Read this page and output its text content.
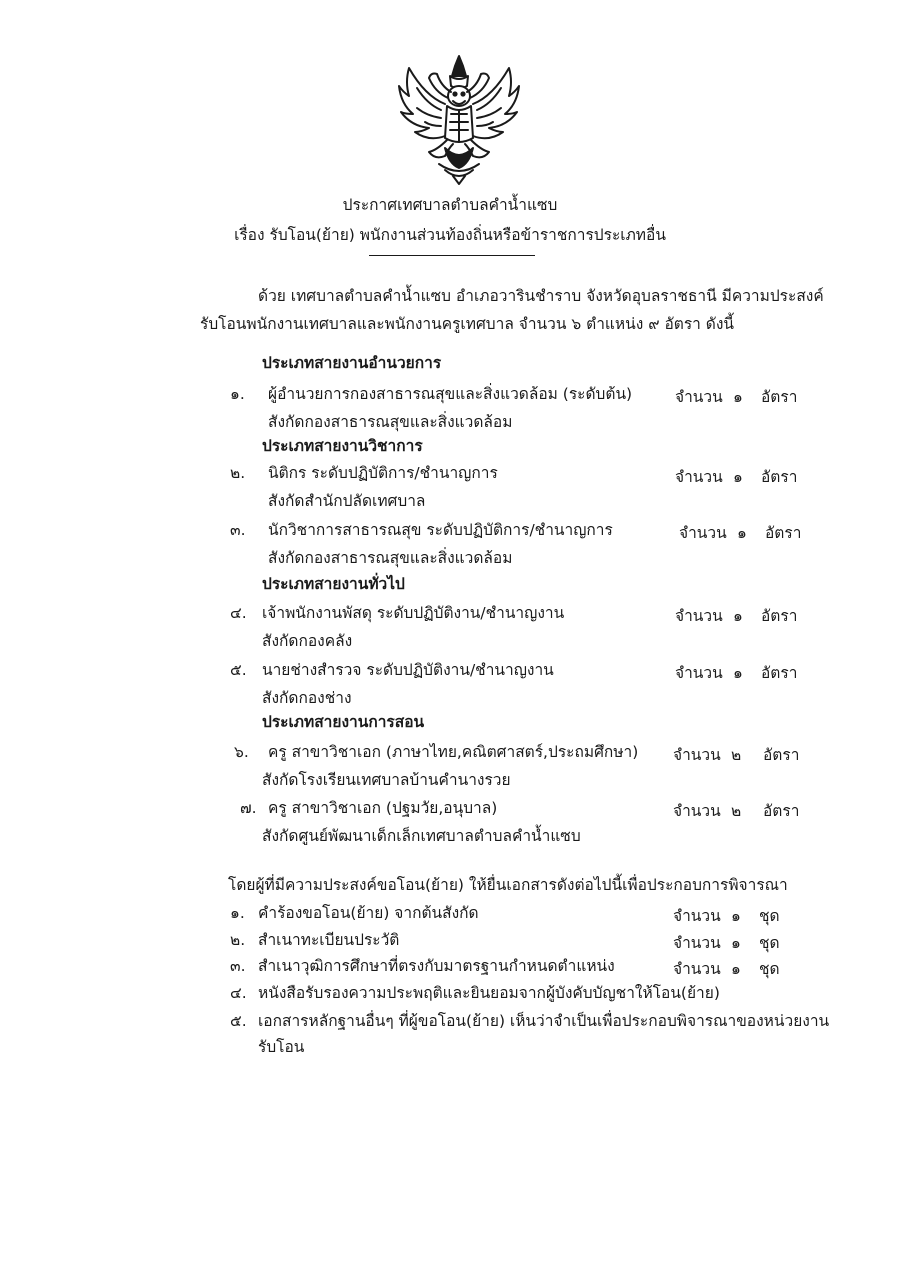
ประกาศเทศบาลตำบลคำน้ำแซบ
เรื่อง รับโอน(ย้าย) พนักงานส่วนท้องถิ่นหรือข้าราชการประเภทอื่น
ด้วย เทศบาลตำบลคำน้ำแซบ อำเภอวารินชำราบ จังหวัดอุบลราชธานี มีความประสงค์
รับโอนพนักงานเทศบาลและพนักงานครูเทศบาล จำนวน ๖ ตำแหน่ง ๙ อัตรา ดังนี้
ประเภทสายงานอำนวยการ
๑. ผู้อำนวยการกองสาธารณสุขและสิ่งแวดล้อม (ระดับต้น)
สังกัดกองสาธารณสุขและสิ่งแวดล้อม
จำนวน ๑ อัตรา
ประเภทสายงานวิชาการ
๒. นิติกร ระดับปฏิบัติการ/ชำนาญการ
สังกัดสำนักปลัดเทศบาล
จำนวน ๑ อัตรา
๓. นักวิชาการสาธารณสุข ระดับปฏิบัติการ/ชำนาญการ
สังกัดกองสาธารณสุขและสิ่งแวดล้อม
จำนวน ๑ อัตรา
ประเภทสายงานทั่วไป
๔. เจ้าพนักงานพัสดุ ระดับปฏิบัติงาน/ชำนาญงาน
สังกัดกองคลัง
จำนวน ๑ อัตรา
๕. นายช่างสำรวจ ระดับปฏิบัติงาน/ชำนาญงาน
สังกัดกองช่าง
จำนวน ๑ อัตรา
ประเภทสายงานการสอน
๖. ครู สาขาวิชาเอก (ภาษาไทย,คณิตศาสตร์,ประถมศึกษา)
สังกัดโรงเรียนเทศบาลบ้านคำนางรวย
จำนวน ๒ อัตรา
๗. ครู สาขาวิชาเอก (ปฐมวัย,อนุบาล)
สังกัดศูนย์พัฒนาเด็กเล็กเทศบาลตำบลคำน้ำแซบ
จำนวน ๒ อัตรา
โดยผู้ที่มีความประสงค์ขอโอน(ย้าย) ให้ยื่นเอกสารดังต่อไปนี้เพื่อประกอบการพิจารณา
๑. คำร้องขอโอน(ย้าย) จากต้นสังกัด	จำนวน ๑ ชุด
๒. สำเนาทะเบียนประวัติ	จำนวน ๑ ชุด
๓. สำเนาวุฒิการศึกษาที่ตรงกับมาตรฐานกำหนดตำแหน่ง	จำนวน ๑ ชุด
๔. หนังสือรับรองความประพฤติและยินยอมจากผู้บังคับบัญชาให้โอน(ย้าย)
๕. เอกสารหลักฐานอื่นๆ ที่ผู้ขอโอน(ย้าย) เห็นว่าจำเป็นเพื่อประกอบพิจารณาของหน่วยงาน
รับโอน
